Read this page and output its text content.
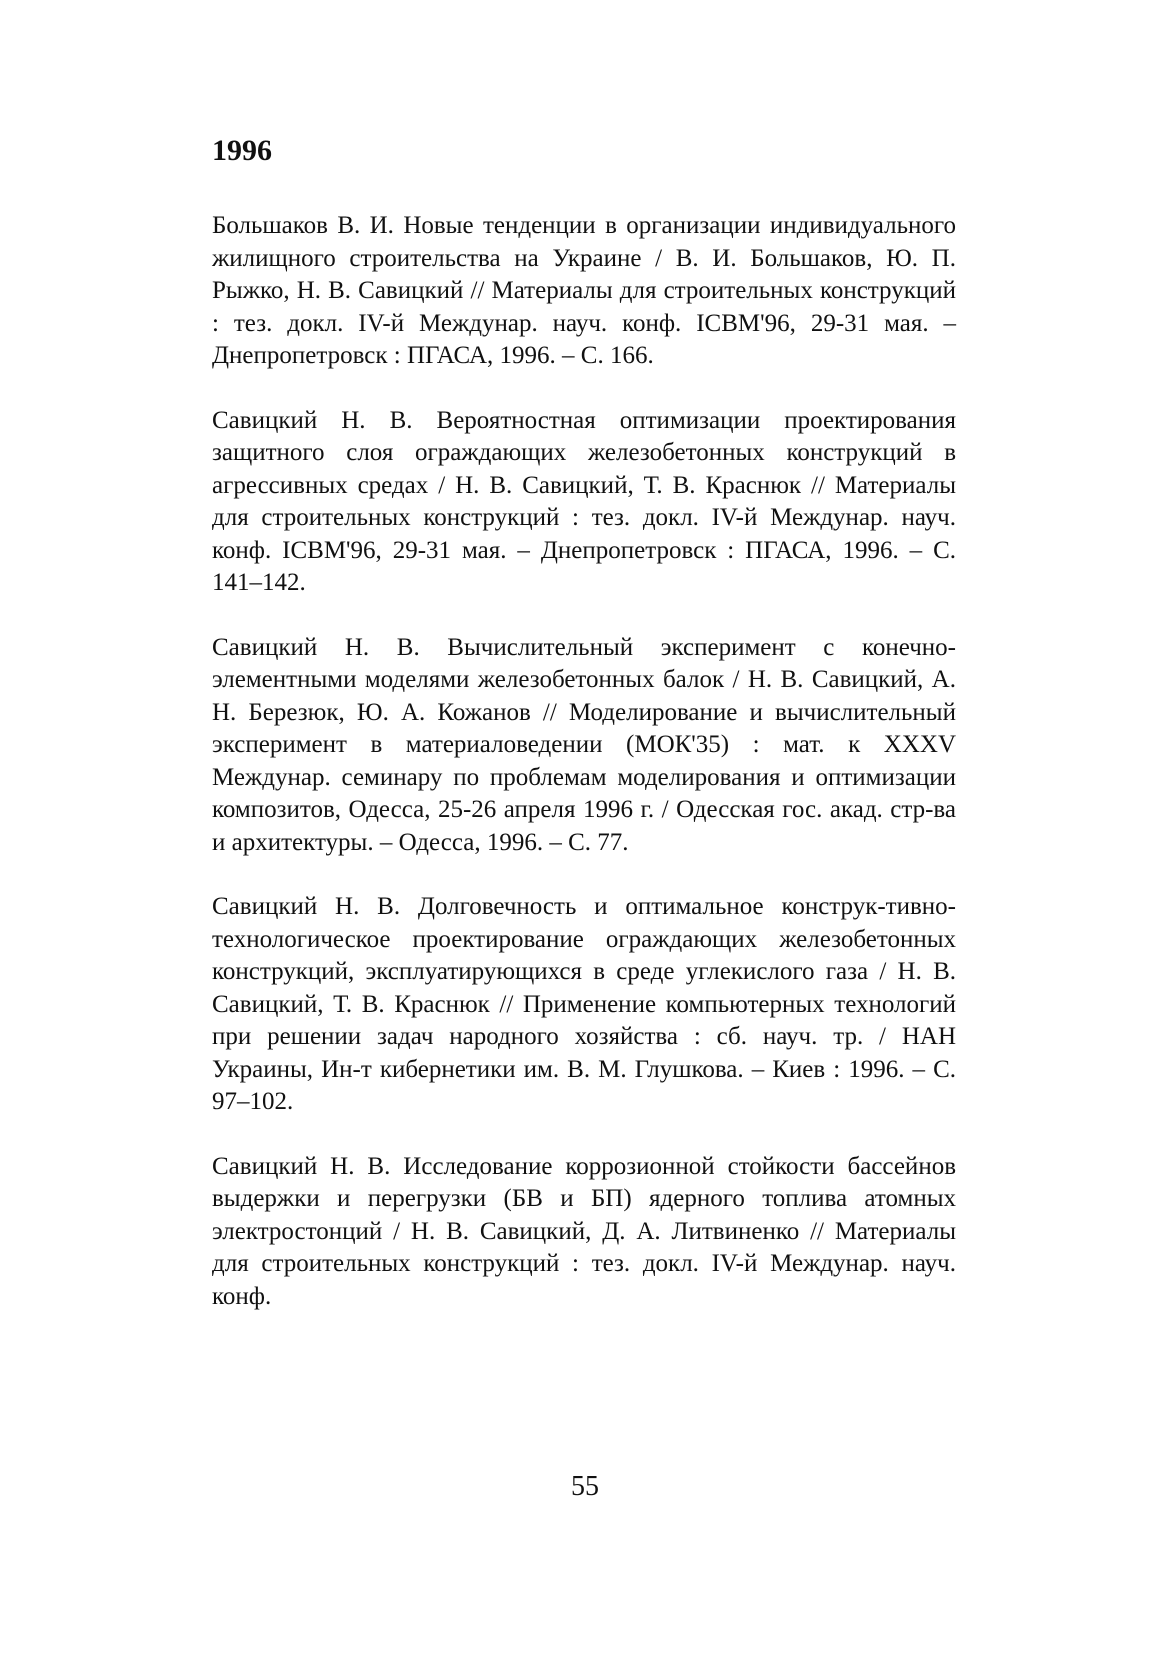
1996

Большаков В. И. Новые тенденции в организации индивидуального жилищного строительства на Украине / В. И. Большаков, Ю. П. Рыжко, Н. В. Савицкий // Материалы для строительных конструкций : тез. докл. IV-й Междунар. науч. конф. ICBM'96, 29-31 мая. – Днепропетровск : ПГАСА, 1996. – С. 166.

Савицкий Н. В. Вероятностная оптимизации проектирования защитного слоя ограждающих железобетонных конструкций в агрессивных средах / Н. В. Савицкий, Т. В. Краснюк // Материалы для строительных конструкций : тез. докл. IV-й Междунар. науч. конф. ICBM'96, 29-31 мая. – Днепропетровск : ПГАСА, 1996. – С. 141–142.

Савицкий Н. В. Вычислительный эксперимент с конечно-элементными моделями железобетонных балок / Н. В. Савицкий, А. Н. Березюк, Ю. А. Кожанов // Моделирование и вычислительный эксперимент в материаловедении (МОК'35) : мат. к XXXV Междунар. семинару по проблемам моделирования и оптимизации композитов, Одесса, 25-26 апреля 1996 г. / Одесская гос. акад. стр-ва и архитектуры. – Одесса, 1996. – С. 77.

Савицкий Н. В. Долговечность и оптимальное конструк-тивно-технологическое проектирование ограждающих железобетонных конструкций, эксплуатирующихся в среде углекислого газа / Н. В. Савицкий, Т. В. Краснюк // Применение компьютерных технологий при решении задач народного хозяйства : сб. науч. тр. / НАН Украины, Ин-т кибернетики им. В. М. Глушкова. – Киев : 1996. – С. 97–102.

Савицкий Н. В. Исследование коррозионной стойкости бассейнов выдержки и перегрузки (БВ и БП) ядерного топлива атомных электростонций / Н. В. Савицкий, Д. А. Литвиненко // Материалы для строительных конструкций : тез. докл. IV-й Междунар. науч. конф.

55
